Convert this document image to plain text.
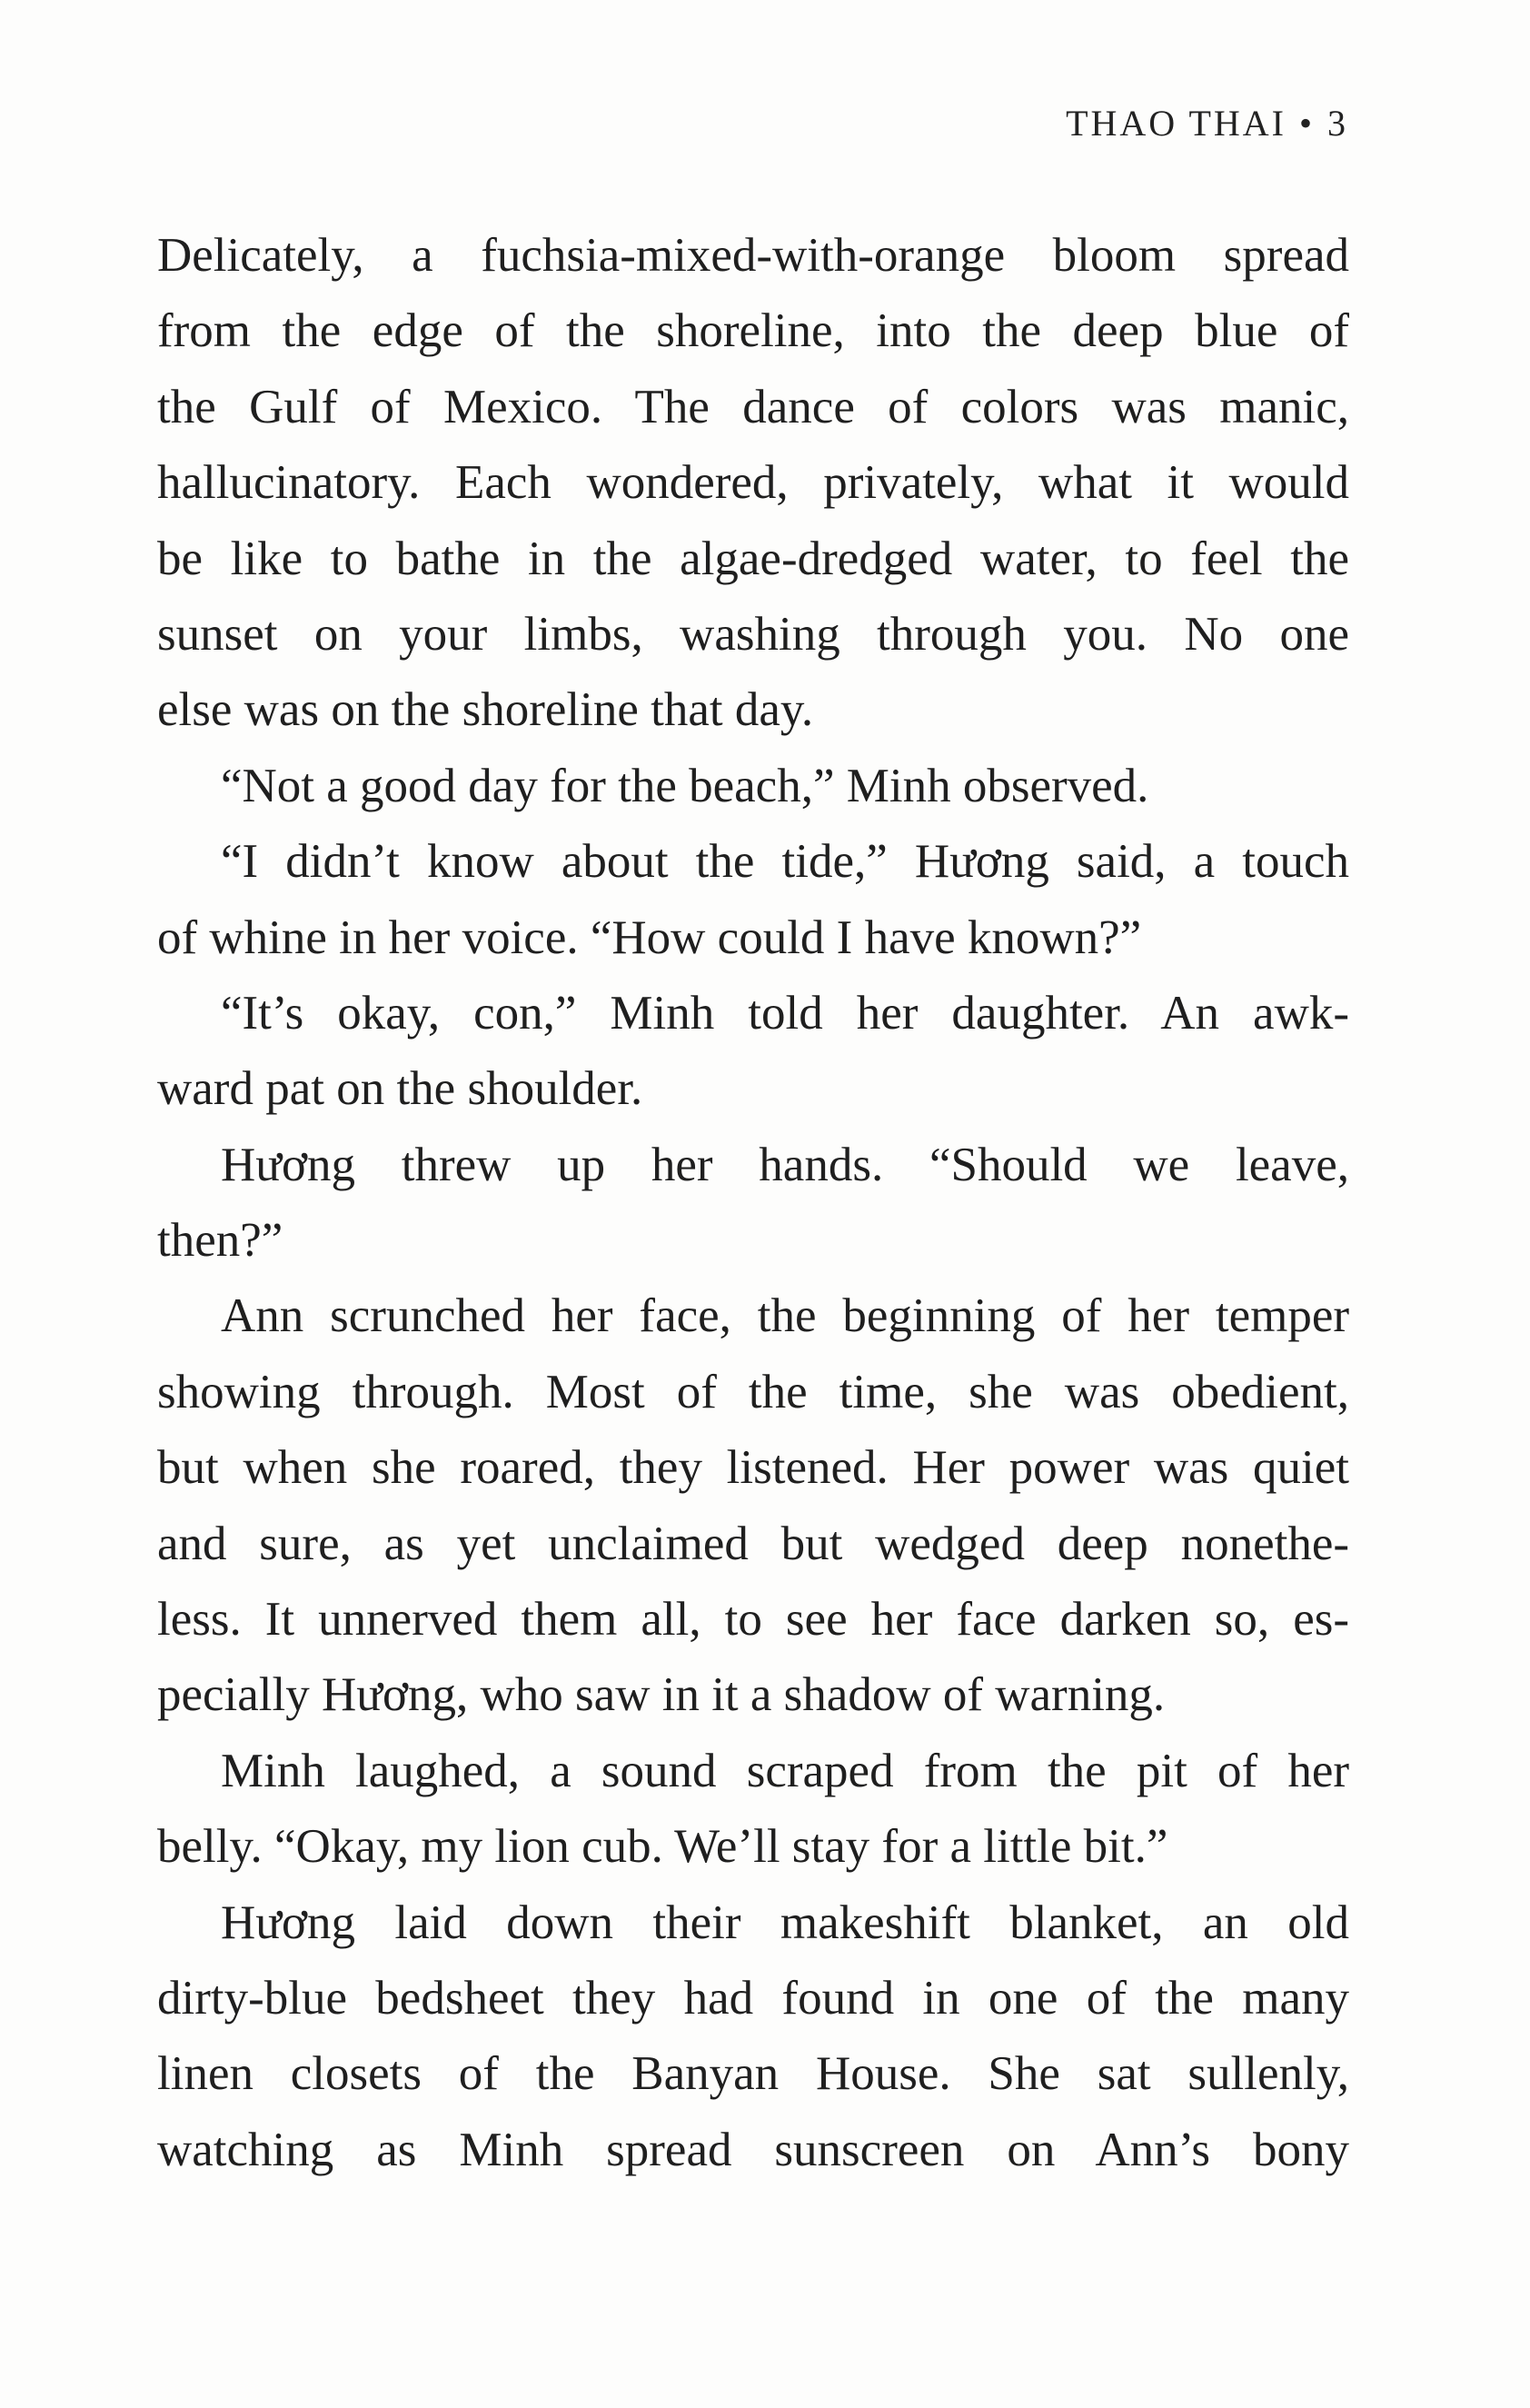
THAO THAI • 3
Delicately, a fuchsia-mixed-with-orange bloom spread
from the edge of the shoreline, into the deep blue of
the Gulf of Mexico. The dance of colors was manic,
hallucinatory. Each wondered, privately, what it would
be like to bathe in the algae-dredged water, to feel the
sunset on your limbs, washing through you. No one
else was on the shoreline that day.
“Not a good day for the beach,” Minh observed.
“I didn’t know about the tide,” Hương said, a touch
of whine in her voice. “How could I have known?”
“It’s okay, con,” Minh told her daughter. An awk-
ward pat on the shoulder.
Hương threw up her hands. “Should we leave,
then?”
Ann scrunched her face, the beginning of her temper
showing through. Most of the time, she was obedient,
but when she roared, they listened. Her power was quiet
and sure, as yet unclaimed but wedged deep nonethe-
less. It unnerved them all, to see her face darken so, es-
pecially Hương, who saw in it a shadow of warning.
Minh laughed, a sound scraped from the pit of her
belly. “Okay, my lion cub. We’ll stay for a little bit.”
Hương laid down their makeshift blanket, an old
dirty-blue bedsheet they had found in one of the many
linen closets of the Banyan House. She sat sullenly,
watching as Minh spread sunscreen on Ann’s bony
